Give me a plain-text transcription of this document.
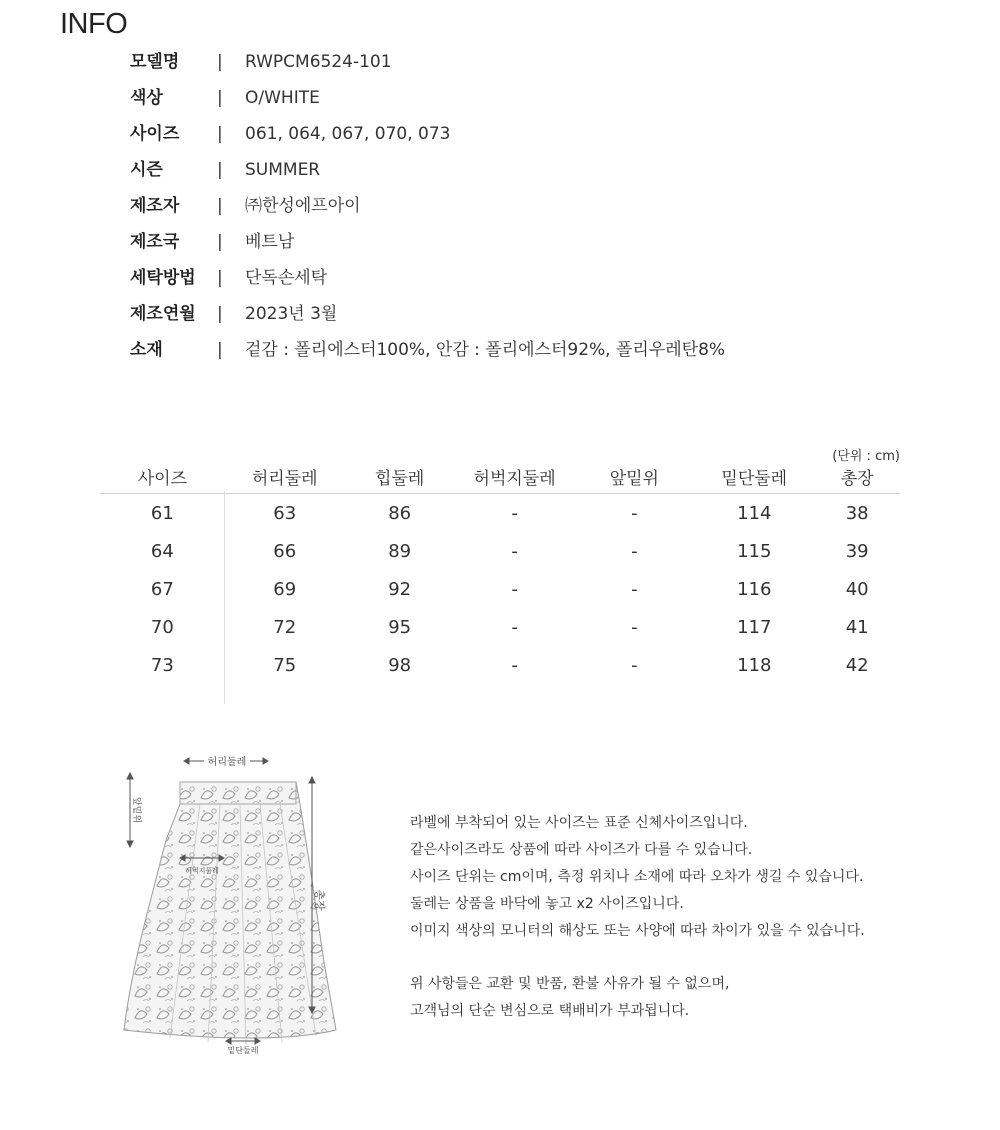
INFO
모델명	| RWPCM6524-101
색상	| O/WHITE
사이즈	| 061, 064, 067, 070, 073
시즌	| SUMMER
제조자	| ㈜한성에프아이
제조국	| 베트남
세탁방법	| 단독손세탁
제조연월	| 2023년 3월
소재	| 겉감 : 폴리에스터100%, 안감 : 폴리에스터92%, 폴리우레탄8%
(단위 : cm)
사이즈	허리둘레	힙둘레	허벅지둘레	앞밑위	밑단둘레	총장
61	63	86	-	-	114	38
64	66	89	-	-	115	39
67	69	92	-	-	116	40
70	72	95	-	-	117	41
73	75	98	-	-	118	42
허리둘레
허벅지둘레
밑단둘레
앞밑위
총장

라벨에 부착되어 있는 사이즈는 표준 신체사이즈입니다.

같은사이즈라도 상품에 따라 사이즈가 다를 수 있습니다.

사이즈 단위는 cm이며, 측정 위치나 소재에 따라 오차가 생길 수 있습니다.

둘레는 상품을 바닥에 놓고 x2 사이즈입니다.

이미지 색상의 모니터의 해상도 또는 사양에 따라 차이가 있을 수 있습니다.

위 사항들은 교환 및 반품, 환불 사유가 될 수 없으며,

고객님의 단순 변심으로 택배비가 부과됩니다.
